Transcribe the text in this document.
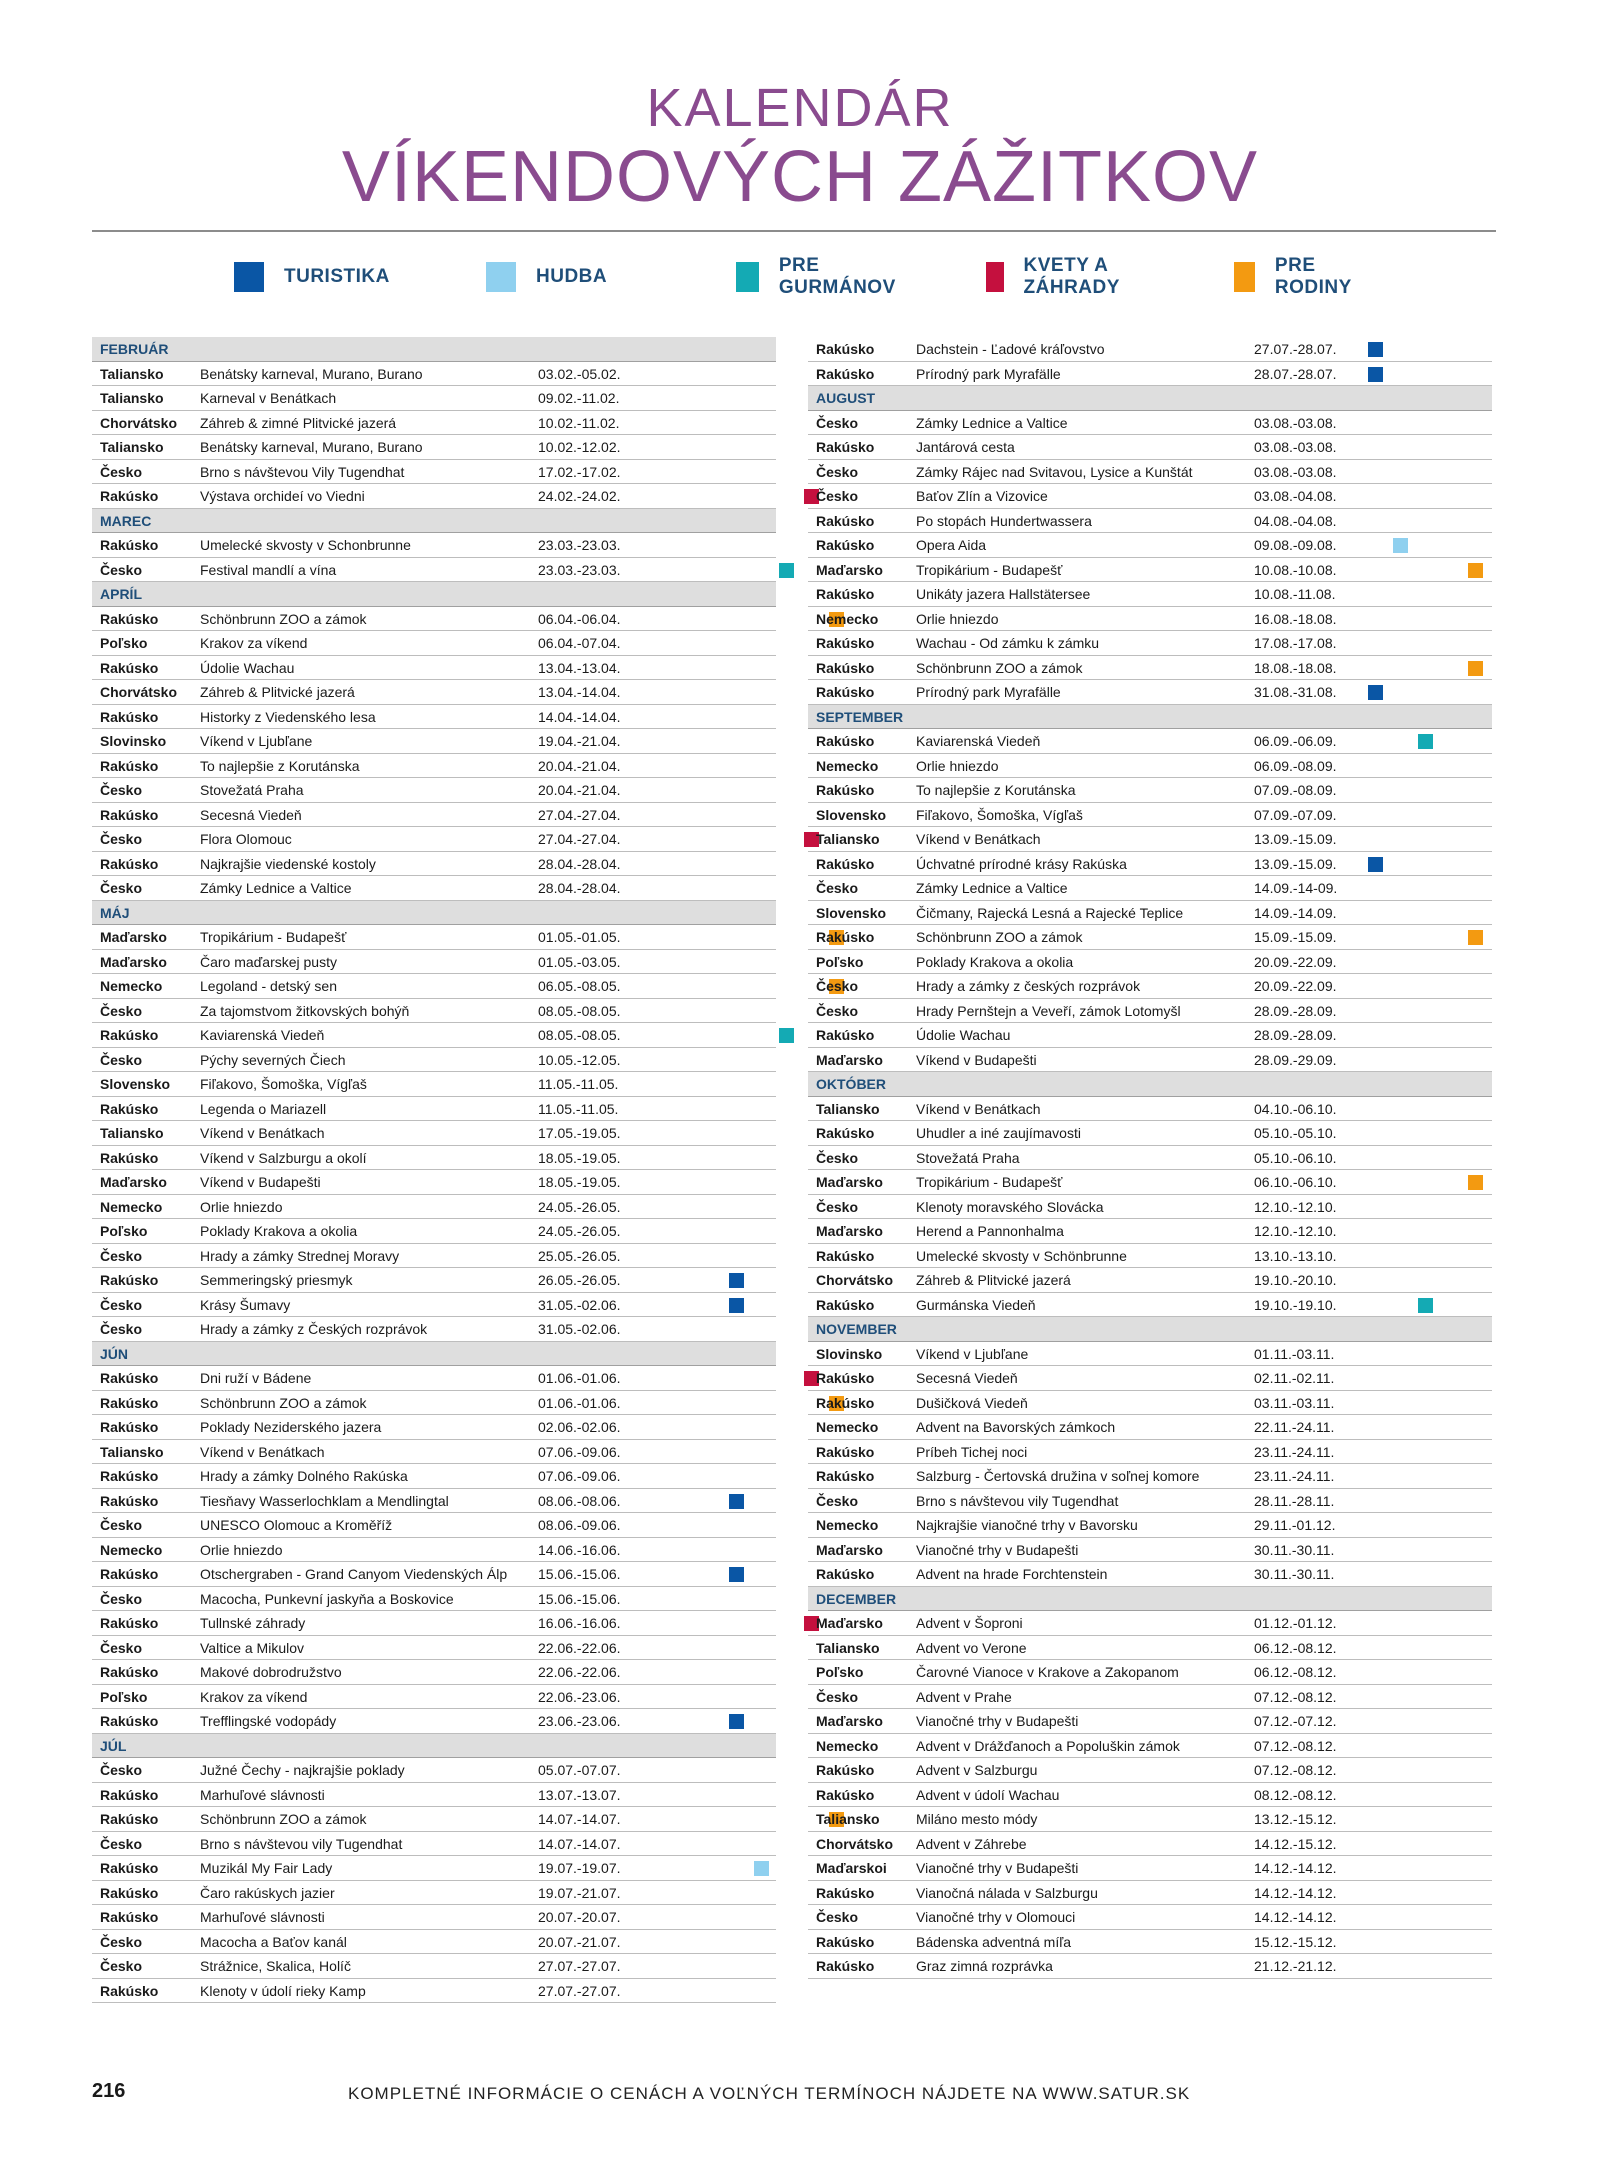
KALENDÁR
VÍKENDOVÝCH ZÁŽITKOV
TURISTIKA	HUDBA
PRE GURMÁNOV
KVETY A ZÁHRADY
PRE RODINY
FEBRUÁR
Taliansko	Benátsky karneval, Murano, Burano	03.02.-05.02.
Taliansko	Karneval v Benátkach	09.02.-11.02.
Chorvátsko Záhreb & zimné Plitvické jazerá	10.02.-11.02.
Taliansko	Benátsky karneval, Murano, Burano	10.02.-12.02.
Česko	Brno s návštevou Vily Tugendhat	17.02.-17.02.
Rakúsko	Výstava orchideí vo Viedni	24.02.-24.02.
MAREC
Rakúsko	Umelecké skvosty v Schonbrunne	23.03.-23.03.
Česko	Festival mandlí a vína	23.03.-23.03.
APRÍL
Rakúsko	Schönbrunn ZOO a zámok	06.04.-06.04.
Poľsko	Krakov za víkend	06.04.-07.04.
Rakúsko	Údolie Wachau	13.04.-13.04.
Chorvátsko Záhreb & Plitvické jazerá	13.04.-14.04.
Rakúsko	Historky z Viedenského lesa	14.04.-14.04.
Slovinsko Víkend v Ljubľane	19.04.-21.04.
Rakúsko	To najlepšie z Korutánska	20.04.-21.04.
Česko	Stovežatá Praha	20.04.-21.04.
Rakúsko	Secesná Viedeň	27.04.-27.04.
Česko	Flora Olomouc	27.04.-27.04.
Rakúsko	Najkrajšie viedenské kostoly	28.04.-28.04.
Česko	Zámky Lednice a Valtice	28.04.-28.04.
MÁJ
Maďarsko Tropikárium - Budapešť	01.05.-01.05.
Maďarsko Čaro maďarskej pusty	01.05.-03.05.
Nemecko	Legoland - detský sen	06.05.-08.05.
Česko	Za tajomstvom žitkovských bohýň	08.05.-08.05.
Rakúsko	Kaviarenská Viedeň	08.05.-08.05.
Česko	Pýchy severných Čiech	10.05.-12.05.
Slovensko Fiľakovo, Šomoška, Vígľaš	11.05.-11.05.
Rakúsko	Legenda o Mariazell	11.05.-11.05.
Taliansko	Víkend v Benátkach	17.05.-19.05.
Rakúsko	Víkend v Salzburgu a okolí	18.05.-19.05.
Maďarsko Víkend v Budapešti	18.05.-19.05.
Nemecko	Orlie hniezdo	24.05.-26.05.
Poľsko	Poklady Krakova a okolia	24.05.-26.05.
Česko	Hrady a zámky Strednej Moravy	25.05.-26.05.
Rakúsko	Semmeringský priesmyk	26.05.-26.05.
Česko	Krásy Šumavy	31.05.-02.06.
Česko	Hrady a zámky z Českých rozprávok	31.05.-02.06.
JÚN
Rakúsko	Dni ruží v Bádene	01.06.-01.06.
Rakúsko	Schönbrunn ZOO a zámok	01.06.-01.06.
Rakúsko	Poklady Neziderského jazera	02.06.-02.06.
Taliansko	Víkend v Benátkach	07.06.-09.06.
Rakúsko	Hrady a zámky Dolného Rakúska	07.06.-09.06.
Rakúsko	Tiesňavy Wasserlochklam a Mendlingtal	08.06.-08.06.
Česko	UNESCO Olomouc a Kroměříž	08.06.-09.06.
Nemecko	Orlie hniezdo	14.06.-16.06.
Rakúsko	Otschergraben - Grand Canyom Viedenských Álp 15.06.-15.06.
Česko	Macocha, Punkevní jaskyňa a Boskovice	15.06.-15.06.
Rakúsko	Tullnské záhrady	16.06.-16.06.
Česko	Valtice a Mikulov	22.06.-22.06.
Rakúsko	Makové dobrodružstvo	22.06.-22.06.
Poľsko	Krakov za víkend	22.06.-23.06.
Rakúsko	Trefflingské vodopády	23.06.-23.06.
JÚL
Česko	Južné Čechy - najkrajšie poklady	05.07.-07.07.
Rakúsko	Marhuľové slávnosti	13.07.-13.07.
Rakúsko	Schönbrunn ZOO a zámok	14.07.-14.07.
Česko	Brno s návštevou vily Tugendhat	14.07.-14.07.
Rakúsko	Muzikál My Fair Lady	19.07.-19.07.
Rakúsko	Čaro rakúskych jazier	19.07.-21.07.
Rakúsko	Marhuľové slávnosti	20.07.-20.07.
Česko	Macocha a Baťov kanál	20.07.-21.07.
Česko	Strážnice, Skalica, Holíč	27.07.-27.07.
Rakúsko	Klenoty v údolí rieky Kamp	27.07.-27.07.
Rakúsko	Dachstein - Ľadové kráľovstvo	27.07.-28.07.
Rakúsko	Prírodný park Myrafälle	28.07.-28.07.
AUGUST
Česko	Zámky Lednice a Valtice	03.08.-03.08.
Rakúsko	Jantárová cesta	03.08.-03.08.
Česko	Zámky Rájec nad Svitavou, Lysice a Kunštát	03.08.-03.08.
Česko	Baťov Zlín a Vizovice	03.08.-04.08.
Rakúsko	Po stopách Hundertwassera	04.08.-04.08.
Rakúsko	Opera Aida	09.08.-09.08.
Maďarsko Tropikárium - Budapešť	10.08.-10.08.
Rakúsko	Unikáty jazera Hallstätersee	10.08.-11.08.
Nemecko	Orlie hniezdo	16.08.-18.08.
Rakúsko	Wachau - Od zámku k zámku	17.08.-17.08.
Rakúsko	Schönbrunn ZOO a zámok	18.08.-18.08.
Rakúsko	Prírodný park Myrafälle	31.08.-31.08.
SEPTEMBER
Rakúsko	Kaviarenská Viedeň	06.09.-06.09.
Nemecko	Orlie hniezdo	06.09.-08.09.
Rakúsko	To najlepšie z Korutánska	07.09.-08.09.
Slovensko Fiľakovo, Šomoška, Vígľaš	07.09.-07.09.
Taliansko	Víkend v Benátkach	13.09.-15.09.
Rakúsko	Úchvatné prírodné krásy Rakúska	13.09.-15.09.
Česko	Zámky Lednice a Valtice	14.09.-14-09.
Slovensko Čičmany, Rajecká Lesná a Rajecké Teplice	14.09.-14.09.
Rakúsko	Schönbrunn ZOO a zámok	15.09.-15.09.
Poľsko	Poklady Krakova a okolia	20.09.-22.09.
Česko	Hrady a zámky z českých rozprávok	20.09.-22.09.
Česko	Hrady Pernštejn a Veveří, zámok Lotomyšl	28.09.-28.09.
Rakúsko	Údolie Wachau	28.09.-28.09.
Maďarsko Víkend v Budapešti	28.09.-29.09.
OKTÓBER
Taliansko	Víkend v Benátkach	04.10.-06.10.
Rakúsko	Uhudler a iné zaujímavosti	05.10.-05.10.
Česko	Stovežatá Praha	05.10.-06.10.
Maďarsko Tropikárium - Budapešť	06.10.-06.10.
Česko	Klenoty moravského Slovácka	12.10.-12.10.
Maďarsko Herend a Pannonhalma	12.10.-12.10.
Rakúsko	Umelecké skvosty v Schönbrunne	13.10.-13.10.
Chorvátsko Záhreb & Plitvické jazerá	19.10.-20.10.
Rakúsko	Gurmánska Viedeň	19.10.-19.10.
NOVEMBER
Slovinsko Víkend v Ljubľane	01.11.-03.11.
Rakúsko	Secesná Viedeň	02.11.-02.11.
Rakúsko	Dušičková Viedeň	03.11.-03.11.
Nemecko	Advent na Bavorských zámkoch	22.11.-24.11.
Rakúsko	Príbeh Tichej noci	23.11.-24.11.
Rakúsko	Salzburg - Čertovská družina v soľnej komore	23.11.-24.11.
Česko	Brno s návštevou vily Tugendhat	28.11.-28.11.
Nemecko	Najkrajšie vianočné trhy v Bavorsku	29.11.-01.12.
Maďarsko Vianočné trhy v Budapešti	30.11.-30.11.
Rakúsko	Advent na hrade Forchtenstein	30.11.-30.11.
DECEMBER
Maďarsko Advent v Šoproni	01.12.-01.12.
Taliansko	Advent vo Verone	06.12.-08.12.
Poľsko	Čarovné Vianoce v Krakove a Zakopanom	06.12.-08.12.
Česko	Advent v Prahe	07.12.-08.12.
Maďarsko Vianočné trhy v Budapešti	07.12.-07.12.
Nemecko	Advent v Drážďanoch a Popoluškin zámok	07.12.-08.12.
Rakúsko	Advent v Salzburgu	07.12.-08.12.
Rakúsko	Advent v údolí Wachau	08.12.-08.12.
Taliansko	Miláno mesto módy	13.12.-15.12.
Chorvátsko Advent v Záhrebe	14.12.-15.12.
Maďarskoi Vianočné trhy v Budapešti	14.12.-14.12.
Rakúsko	Vianočná nálada v Salzburgu	14.12.-14.12.
Česko	Vianočné trhy v Olomouci	14.12.-14.12.
Rakúsko	Bádenska adventná míľa	15.12.-15.12.
Rakúsko	Graz zimná rozprávka	21.12.-21.12.
216	KOMPLETNÉ INFORMÁCIE O CENÁCH A VOĽNÝCH TERMÍNOCH NÁJDETE NA WWW.SATUR.SK
